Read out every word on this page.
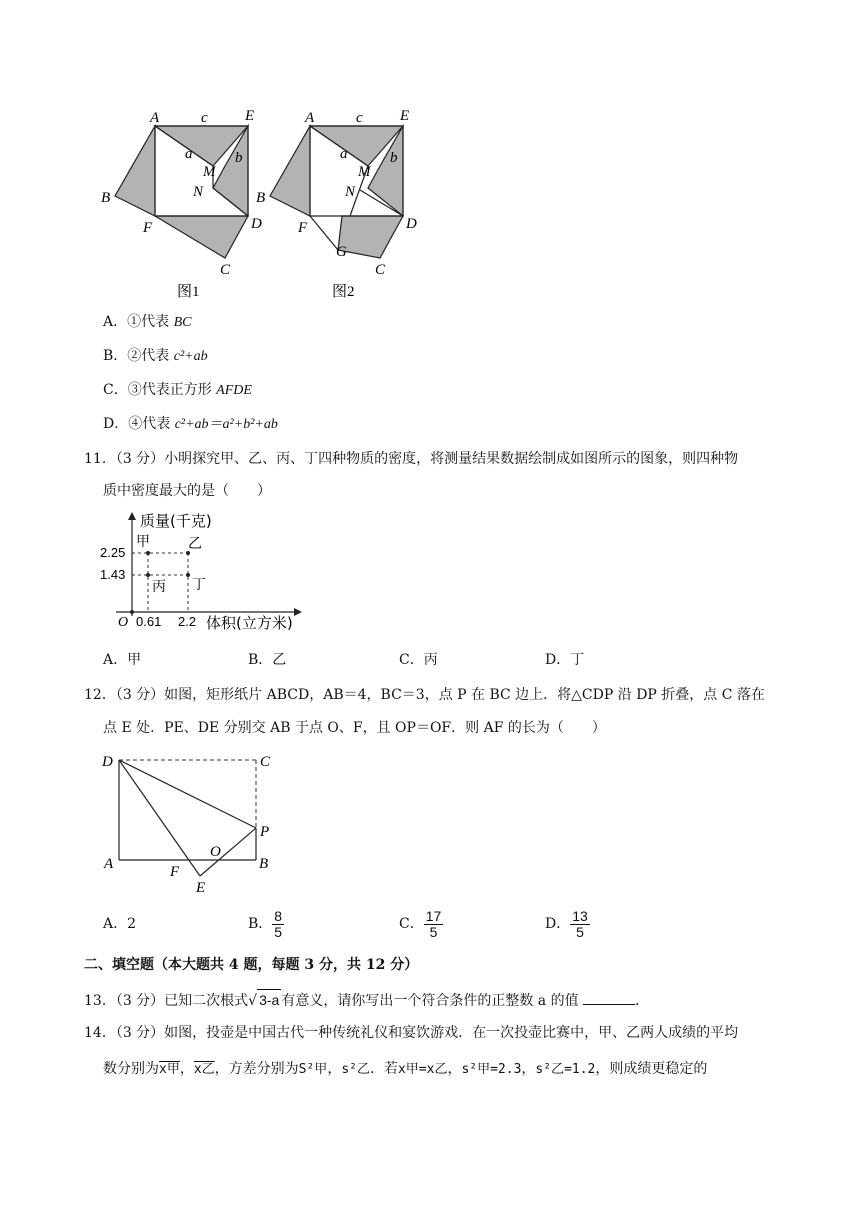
A	c E
a	b
M
N
B
F	D
C
图1
A	c E
a	b
M
N
B
F	D
G
C
图2
A．①代表 BC
B．②代表 c²+ab
C．③代表正方形 AFDE
D．④代表 c²+ab＝a²+b²+ab
11．（3 分）小明探究甲、乙、丙、丁四种物质的密度，将测量结果数据绘制成如图所示的图象，则四种物
质中密度最大的是（　　）
质量(千克)
体积(立方米)
2.25
1.43
O 0.61 2.2
甲	乙
丙 丁
A．甲	B．乙	C．丙	D．丁
12．（3 分）如图，矩形纸片 ABCD，AB＝4，BC＝3，点 P 在 BC 边上．将△CDP 沿 DP 折叠，点 C 落在
点 E 处．PE、DE 分别交 AB 于点 O、F，且 OP＝OF．则 AF 的长为（　　）
D	C
P
A	B
O
F
E
A．2	B． $\frac{8}{5}$	C． $\frac{17}{5}$	D． $\frac{13}{5}$
二、填空题（本大题共 4 题，每题 3 分，共 12 分）
13．（3 分）已知二次根式√ 3-a 有意义，请你写出一个符合条件的正整数 a 的值	．
14．（3 分）如图，投壶是中国古代一种传统礼仪和宴饮游戏．在一次投壶比赛中，甲、乙两人成绩的平均
数分别为x甲，x乙，方差分别为S²甲，s²乙．若x甲=x乙，s²甲=2.3，s²乙=1.2，则成绩更稳定的
